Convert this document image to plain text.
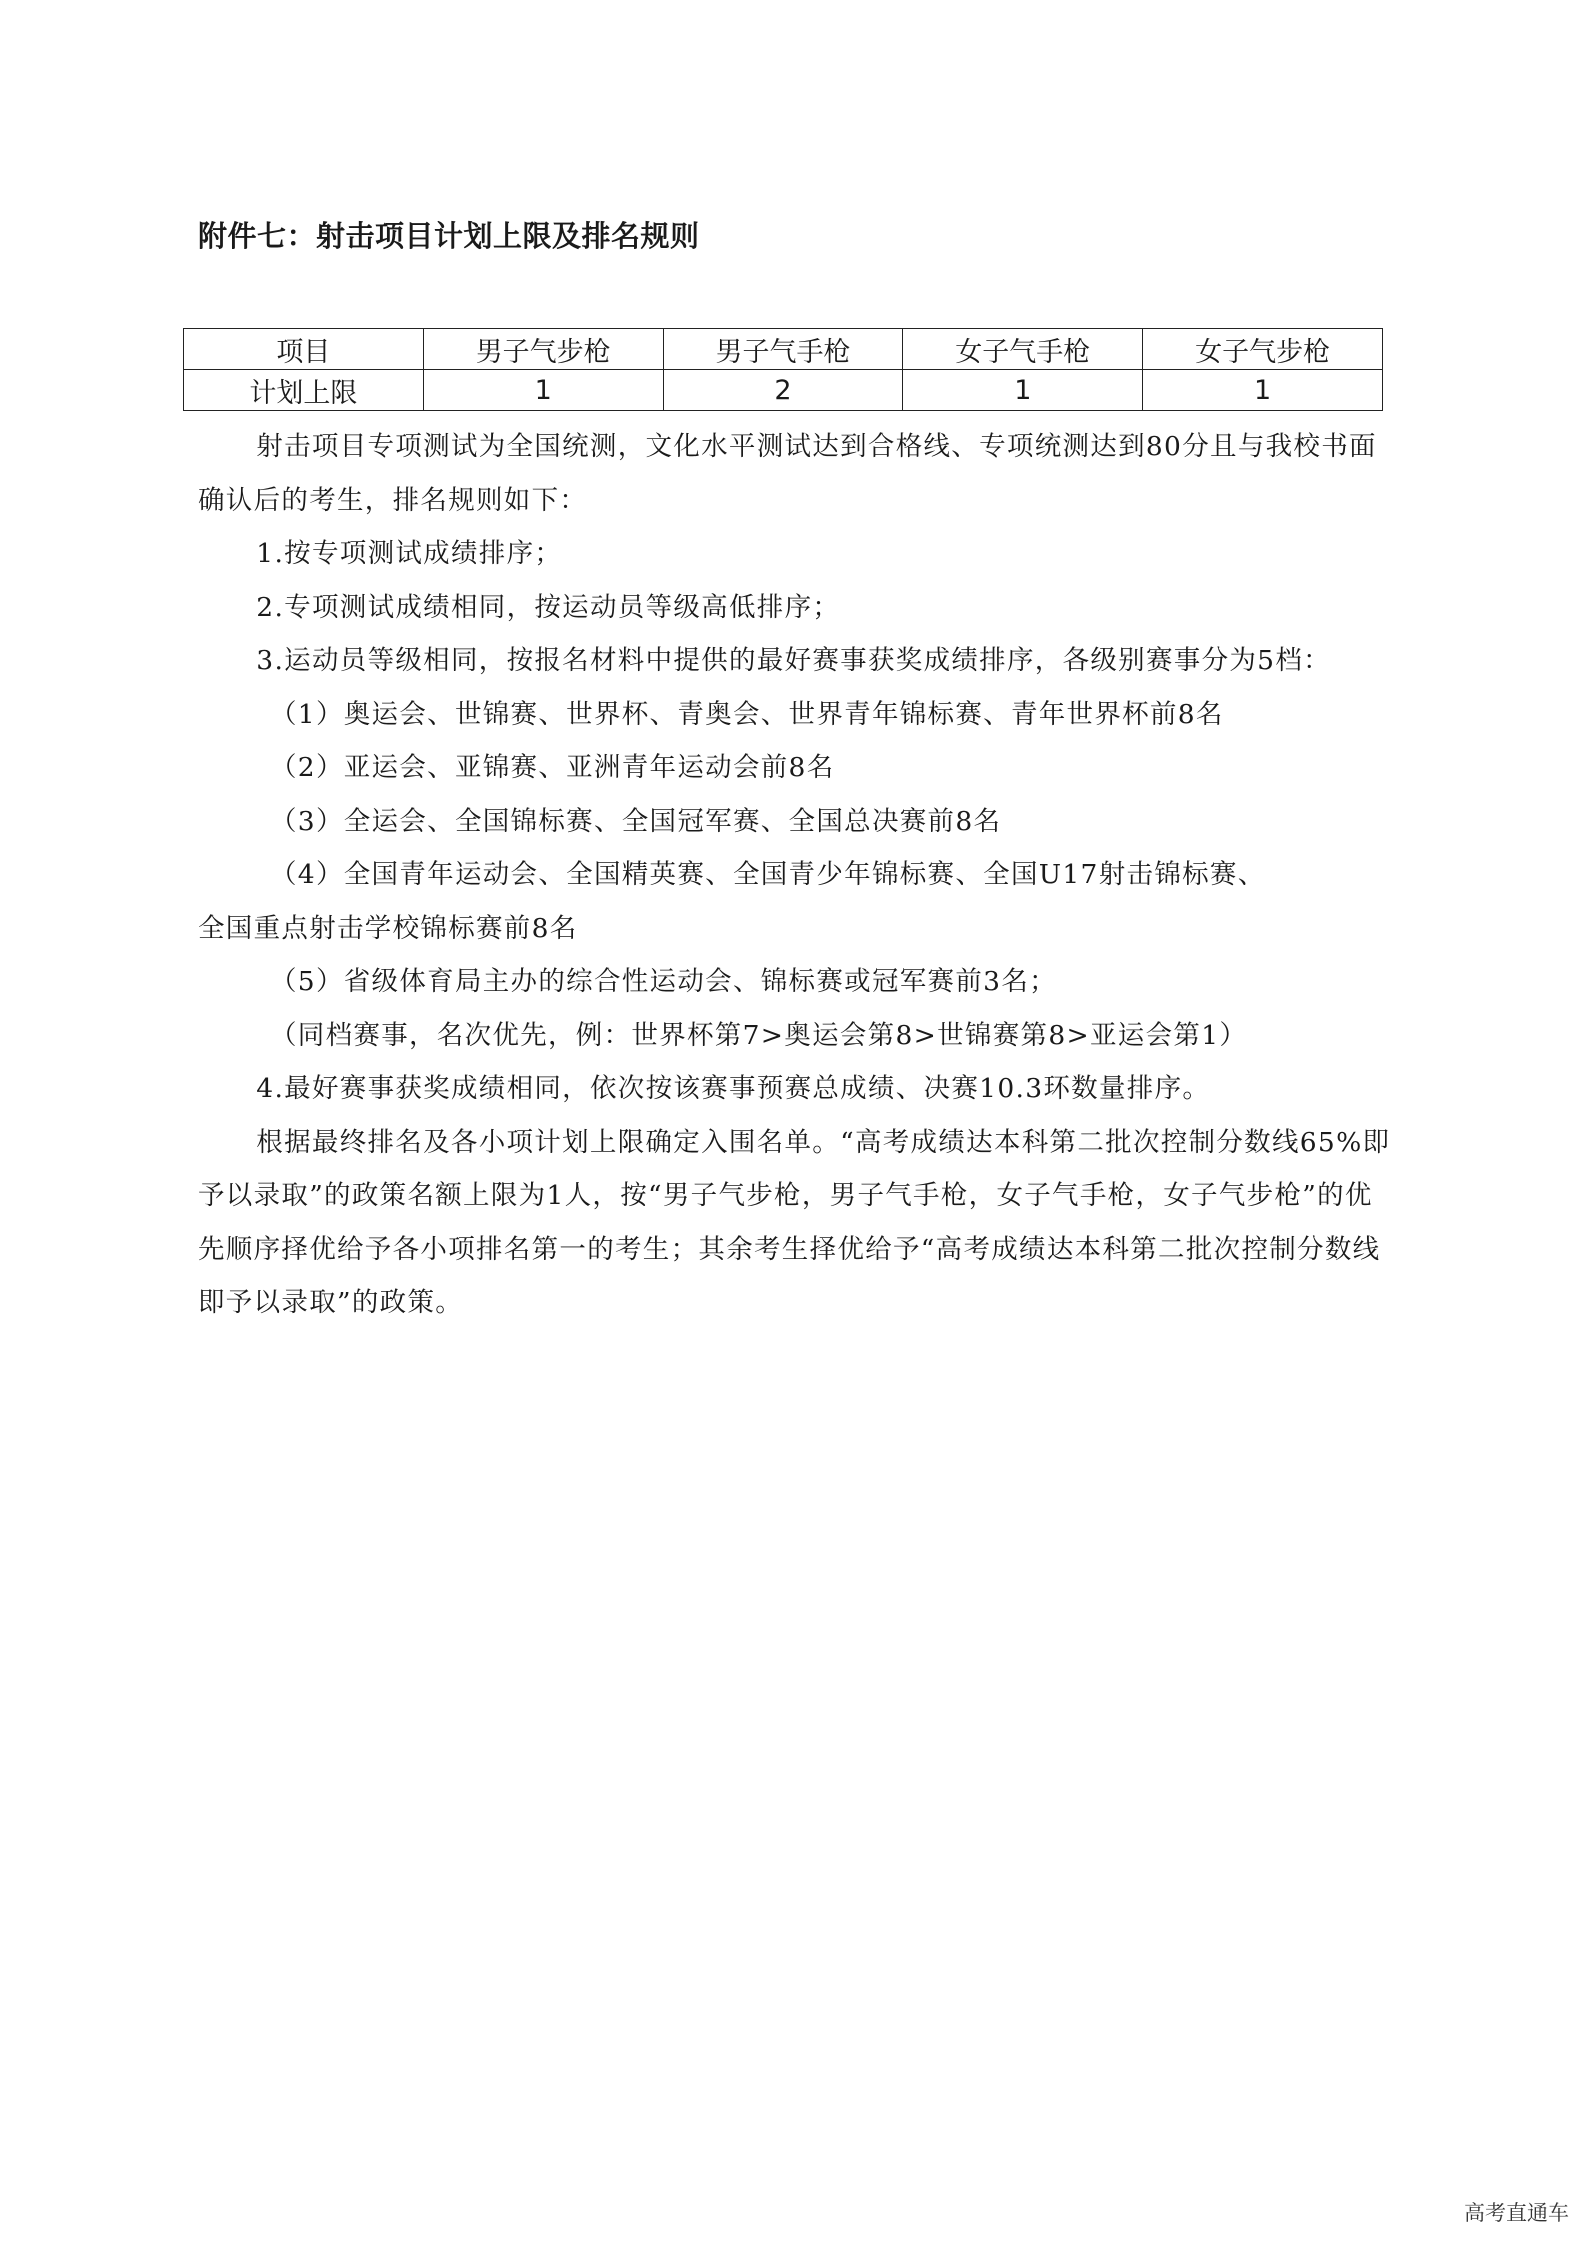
附件七：射击项目计划上限及排名规则
项目	男子气步枪	男子气手枪	女子气手枪	女子气步枪
计划上限	1	2	1	1

射击项目专项测试为全国统测，文化水平测试达到合格线、专项统测达到80分且与我校书面确认后的考生，排名规则如下：

1.按专项测试成绩排序；

2.专项测试成绩相同，按运动员等级高低排序；

3.运动员等级相同，按报名材料中提供的最好赛事获奖成绩排序，各级别赛事分为5档：

（1）奥运会、世锦赛、世界杯、青奥会、世界青年锦标赛、青年世界杯前8名

（2）亚运会、亚锦赛、亚洲青年运动会前8名

（3）全运会、全国锦标赛、全国冠军赛、全国总决赛前8名

（4）全国青年运动会、全国精英赛、全国青少年锦标赛、全国U17射击锦标赛、

全国重点射击学校锦标赛前8名

（5）省级体育局主办的综合性运动会、锦标赛或冠军赛前3名；

（同档赛事，名次优先，例：世界杯第7>奥运会第8>世锦赛第8>亚运会第1）

4.最好赛事获奖成绩相同，依次按该赛事预赛总成绩、决赛10.3环数量排序。

根据最终排名及各小项计划上限确定入围名单。“高考成绩达本科第二批次控制分数线65%即予以录取”的政策名额上限为1人，按“男子气步枪，男子气手枪，女子气手枪，女子气步枪”的优先顺序择优给予各小项排名第一的考生；其余考生择优给予“高考成绩达本科第二批次控制分数线即予以录取”的政策。

高考直通车
